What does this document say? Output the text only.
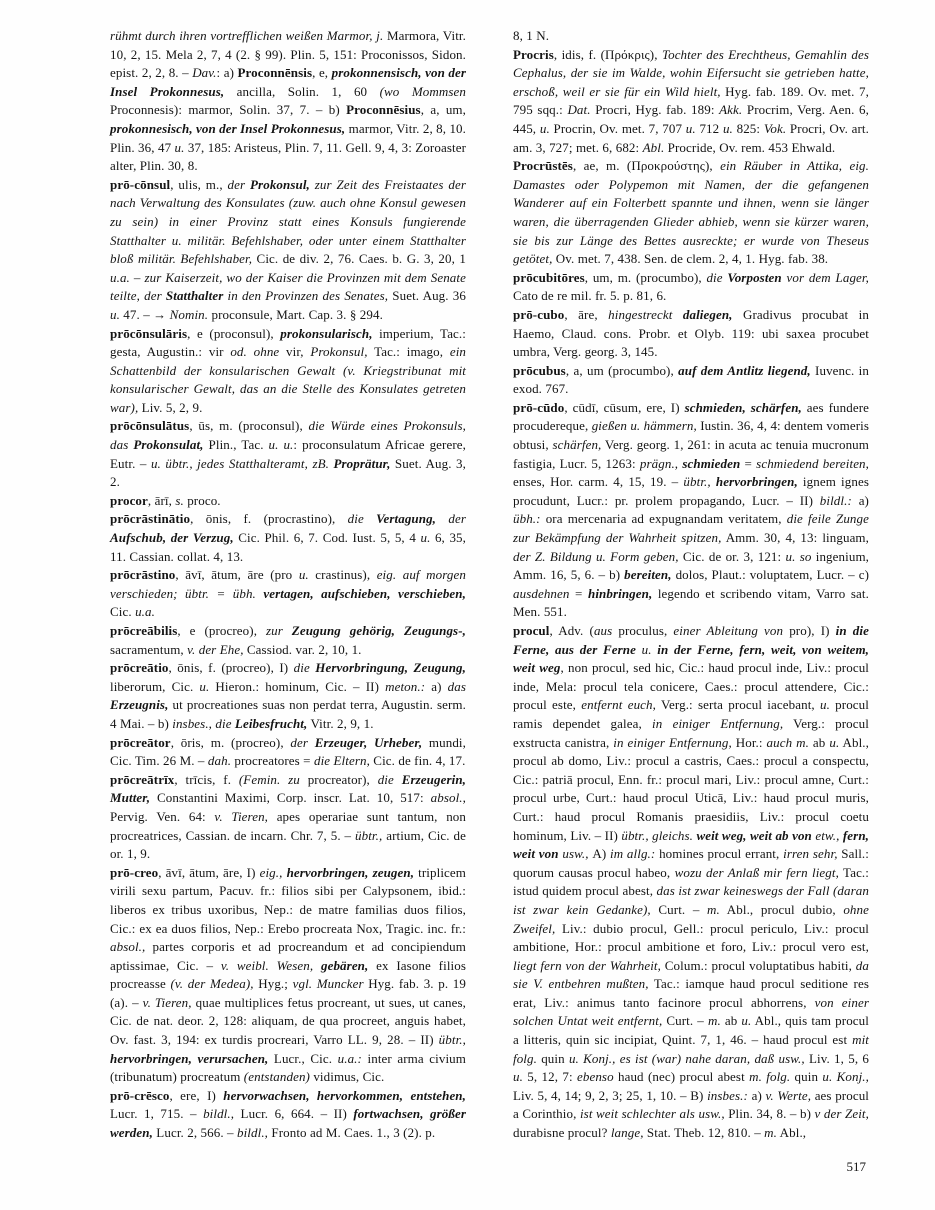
rühmt durch ihren vortrefflichen weißen Marmor, j. Marmora, Vitr. 10, 2, 15. Mela 2, 7, 4 (2. § 99). Plin. 5, 151: Proconissos, Sidon. epist. 2, 2, 8. – Dav.: a) Proconnēnsis, e, prokonnensisch, von der Insel Prokonnesus, ancilla, Solin. 1, 60 (wo Mommsen Proconnesis): marmor, Solin. 37, 7. – b) Proconnēsius, a, um, prokonnesisch, von der Insel Prokonnesus, marmor, Vitr. 2, 8, 10. Plin. 36, 47 u. 37, 185: Aristeus, Plin. 7, 11. Gell. 9, 4, 3: Zoroaster alter, Plin. 30, 8.

prō-cōnsul, ulis, m., der Prokonsul, zur Zeit des Freistaates der nach Verwaltung des Konsulates (zuw. auch ohne Konsul gewesen zu sein) in einer Provinz statt eines Konsuls fungierende Statthalter u. militär. Befehlshaber, oder unter einem Statthalter bloß militär. Befehlshaber, Cic. de div. 2, 76. Caes. b. G. 3, 20, 1 u.a. – zur Kaiserzeit, wo der Kaiser die Provinzen mit dem Senate teilte, der Statthalter in den Provinzen des Senates, Suet. Aug. 36 u. 47. – → Nomin. proconsule, Mart. Cap. 3. § 294.

prōcōnsulāris, e (proconsul), prokonsularisch, imperium, Tac.: gesta, Augustin.: vir od. ohne vir, Prokonsul, Tac.: imago, ein Schattenbild der konsularischen Gewalt (v. Kriegstribunat mit konsularischer Gewalt, das an die Stelle des Konsulates getreten war), Liv. 5, 2, 9.

prōcōnsulātus, ūs, m. (proconsul), die Würde eines Prokonsuls, das Prokonsulat, Plin., Tac. u. u.: proconsulatum Africae gerere, Eutr. – u. übtr., jedes Statthalteramt, zB. Proprätur, Suet. Aug. 3, 2.

procor, ārī, s. proco.

prōcrāstinātio, ōnis, f. (procrastino), die Vertagung, der Aufschub, der Verzug, Cic. Phil. 6, 7. Cod. Iust. 5, 5, 4 u. 6, 35, 11. Cassian. collat. 4, 13.

prōcrāstino, āvī, ātum, āre (pro u. crastinus), eig. auf morgen verschieden; übtr. = übh. vertagen, aufschieben, verschieben, Cic. u.a.

prōcreābilis, e (procreo), zur Zeugung gehörig, Zeugungs-, sacramentum, v. der Ehe, Cassiod. var. 2, 10, 1.

prōcreātio, ōnis, f. (procreo), I) die Hervorbringung, Zeugung, liberorum, Cic. u. Hieron.: hominum, Cic. – II) meton.: a) das Erzeugnis, ut procreationes suas non perdat terra, Augustin. serm. 4 Mai. – b) insbes., die Leibesfrucht, Vitr. 2, 9, 1.

prōcreātor, ōris, m. (procreo), der Erzeuger, Urheber, mundi, Cic. Tim. 26 M. – dah. procreatores = die Eltern, Cic. de fin. 4, 17.

prōcreātrīx, trīcis, f. (Femin. zu procreator), die Erzeugerin, Mutter, Constantini Maximi, Corp. inscr. Lat. 10, 517: absol., Pervig. Ven. 64: v. Tieren, apes operariae sunt tantum, non procreatrices, Cassian. de incarn. Chr. 7, 5. – übtr., artium, Cic. de or. 1, 9.

prō-creo, āvī, ātum, āre, I) eig., hervorbringen, zeugen, triplicem virili sexu partum, Pacuv. fr.: filios sibi per Calypsonem, ibid.: liberos ex tribus uxoribus, Nep.: de matre familias duos filios, Cic.: ex ea duos filios, Nep.: Erebo procreata Nox, Tragic. inc. fr.: absol., partes corporis et ad procreandum et ad concipiendum aptissimae, Cic. – v. weibl. Wesen, gebären, ex Iasone filios procreasse (v. der Medea), Hyg.; vgl. Muncker Hyg. fab. 3. p. 19 (a). – v. Tieren, quae multiplices fetus procreant, ut sues, ut canes, Cic. de nat. deor. 2, 128: aliquam, de qua procreet, anguis habet, Ov. fast. 3, 194: ex turdis procreari, Varro LL. 9, 28. – II) übtr., hervorbringen, verursachen, Lucr., Cic. u.a.: inter arma civium (tribunatum) procreatum (entstanden) vidimus, Cic.

prō-crēsco, ere, I) hervorwachsen, hervorkommen, entstehen, Lucr. 1, 715. – bildl., Lucr. 6, 664. – II) fortwachsen, größer werden, Lucr. 2, 566. – bildl., Fronto ad M. Caes. 1., 3 (2). p.

8, 1 N.

Procris, idis, f. (Πρόκρις), Tochter des Erechtheus, Gemahlin des Cephalus, der sie im Walde, wohin Eifersucht sie getrieben hatte, erschoß, weil er sie für ein Wild hielt, Hyg. fab. 189. Ov. met. 7, 795 sqq.: Dat. Procri, Hyg. fab. 189: Akk. Procrim, Verg. Aen. 6, 445, u. Procrin, Ov. met. 7, 707 u. 712 u. 825: Vok. Procri, Ov. art. am. 3, 727; met. 6, 682: Abl. Procride, Ov. rem. 453 Ehwald.

Procrūstēs, ae, m. (Προκρούστης), ein Räuber in Attika, eig. Damastes oder Polypemon mit Namen, der die gefangenen Wanderer auf ein Folterbett spannte und ihnen, wenn sie länger waren, die überragenden Glieder abhieb, wenn sie kürzer waren, sie bis zur Länge des Bettes ausreckte; er wurde von Theseus getötet, Ov. met. 7, 438. Sen. de clem. 2, 4, 1. Hyg. fab. 38.

prōcubitōres, um, m. (procumbo), die Vorposten vor dem Lager, Cato de re mil. fr. 5. p. 81, 6.

prō-cubo, āre, hingestreckt daliegen, Gradivus procubat in Haemo, Claud. cons. Probr. et Olyb. 119: ubi saxea procubet umbra, Verg. georg. 3, 145.

prōcubus, a, um (procumbo), auf dem Antlitz liegend, Iuvenc. in exod. 767.

prō-cūdo, cūdī, cūsum, ere, I) schmieden, schärfen, aes fundere procudereque, gießen u. hämmern, Iustin. 36, 4, 4: dentem vomeris obtusi, schärfen, Verg. georg. 1, 261: in acuta ac tenuia mucronum fastigia, Lucr. 5, 1263: prägn., schmieden = schmiedend bereiten, enses, Hor. carm. 4, 15, 19. – übtr., hervorbringen, ignem ignes procudunt, Lucr.: pr. prolem propagando, Lucr. – II) bildl.: a) übh.: ora mercenaria ad expugnandam veritatem, die feile Zunge zur Bekämpfung der Wahrheit spitzen, Amm. 30, 4, 13: linguam, der Z. Bildung u. Form geben, Cic. de or. 3, 121: u. so ingenium, Amm. 16, 5, 6. – b) bereiten, dolos, Plaut.: voluptatem, Lucr. – c) ausdehnen = hinbringen, legendo et scribendo vitam, Varro sat. Men. 551.

procul, Adv. (aus proculus, einer Ableitung von pro), I) in die Ferne, aus der Ferne u. in der Ferne, fern, weit, von weitem, weit weg, non procul, sed hic, Cic.: haud procul inde, Liv.: procul inde, Mela: procul tela conicere, Caes.: procul attendere, Cic.: procul este, entfernt euch, Verg.: serta procul iacebant, u. procul ramis dependet galea, in einiger Entfernung, Verg.: procul exstructa canistra, in einiger Entfernung, Hor.: auch m. ab u. Abl., procul ab domo, Liv.: procul a castris, Caes.: procul a conspectu, Cic.: patriā procul, Enn. fr.: procul mari, Liv.: procul amne, Curt.: procul urbe, Curt.: haud procul Uticā, Liv.: haud procul muris, Curt.: haud procul Romanis praesidiis, Liv.: procul coetu hominum, Liv. – II) übtr., gleichs. weit weg, weit ab von etw., fern, weit von usw., A) im allg.: homines procul errant, irren sehr, Sall.: quorum causas procul habeo, wozu der Anlaß mir fern liegt, Tac.: istud quidem procul abest, das ist zwar keineswegs der Fall (daran ist zwar kein Gedanke), Curt. – m. Abl., procul dubio, ohne Zweifel, Liv.: dubio procul, Gell.: procul periculo, Liv.: procul ambitione, Hor.: procul ambitione et foro, Liv.: procul vero est, liegt fern von der Wahrheit, Colum.: procul voluptatibus habiti, da sie V. entbehren mußten, Tac.: iamque haud procul seditione res erat, Liv.: animus tanto facinore procul abhorrens, von einer solchen Untat weit entfernt, Curt. – m. ab u. Abl., quis tam procul a litteris, quin sic incipiat, Quint. 7, 1, 46. – haud procul est mit folg. quin u. Konj., es ist (war) nahe daran, daß usw., Liv. 1, 5, 6 u. 5, 12, 7: ebenso haud (nec) procul abest m. folg. quin u. Konj., Liv. 5, 4, 14; 9, 2, 3; 25, 1, 10. – B) insbes.: a) v. Werte, aes procul a Corinthio, ist weit schlechter als usw., Plin. 34, 8. – b) v der Zeit, durabisne procul? lange, Stat. Theb. 12, 810. – m. Abl.,

517
